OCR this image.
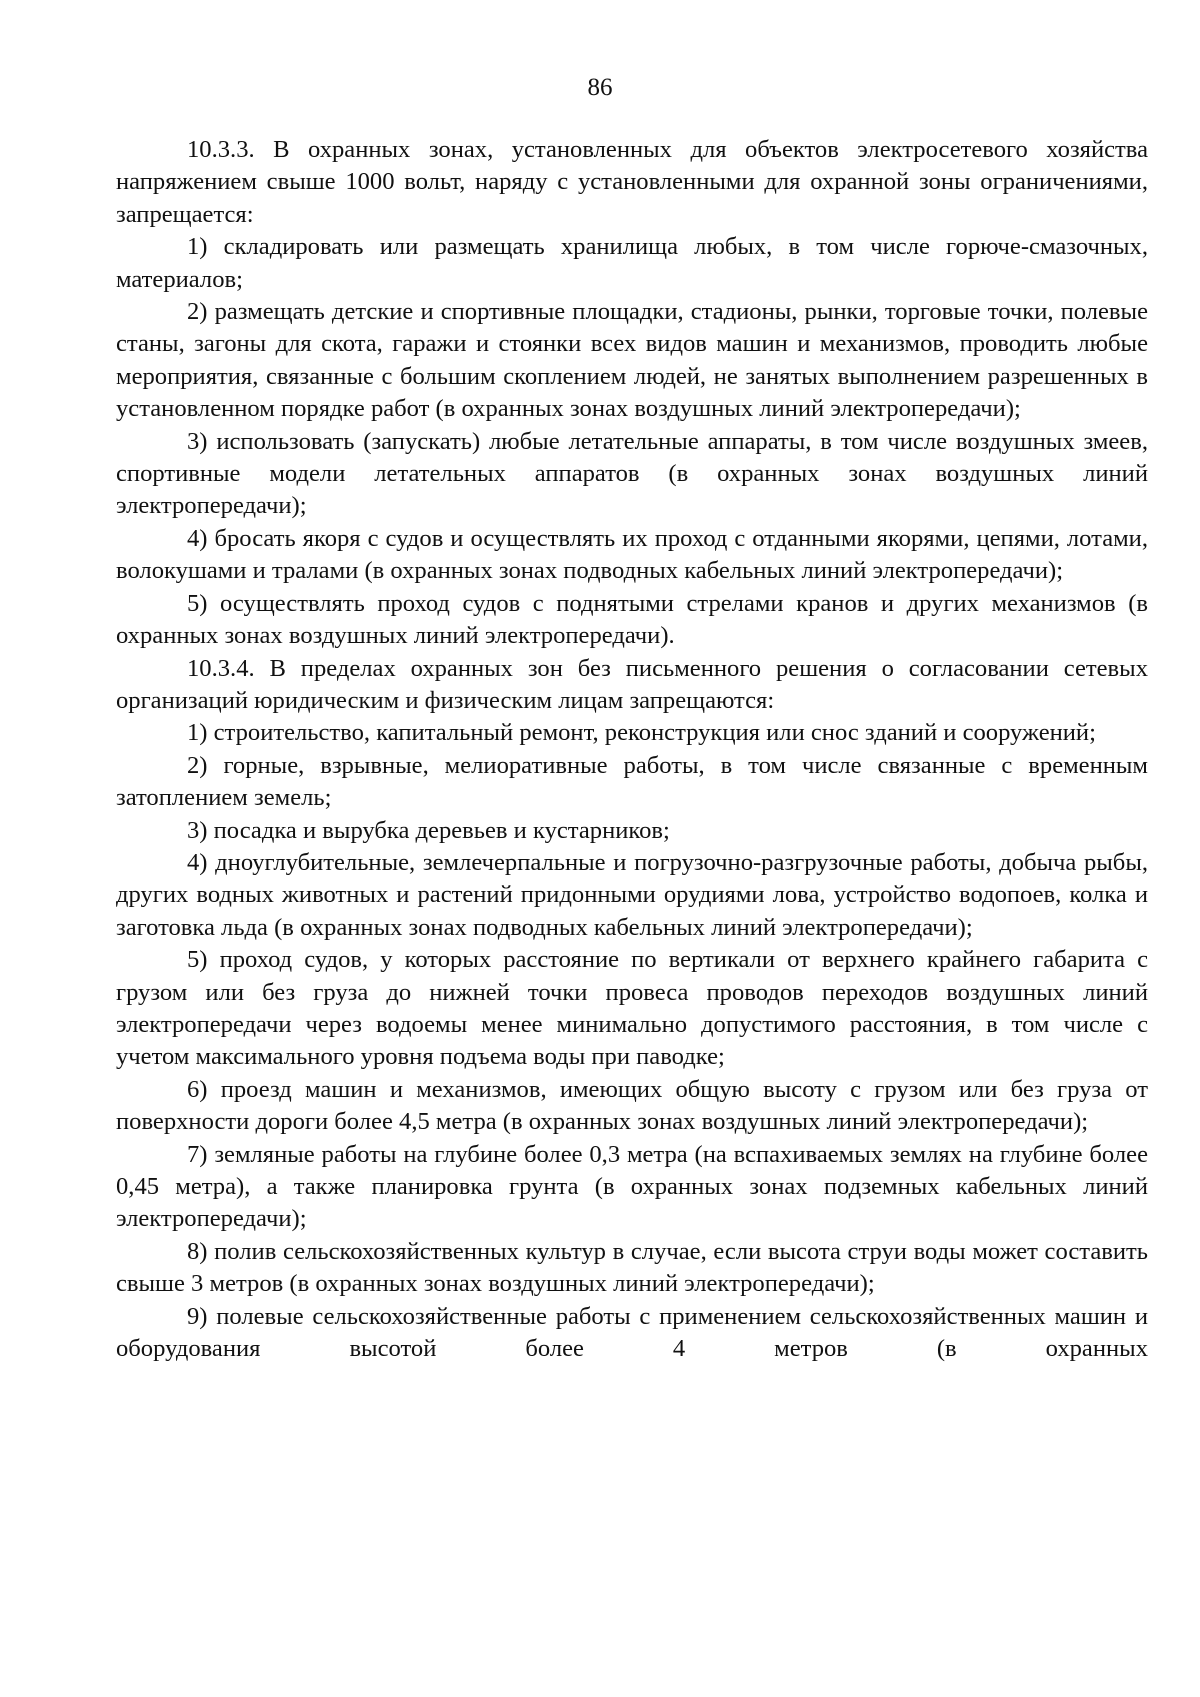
86

10.3.3. В охранных зонах, установленных для объектов электросетевого хозяйства напряжением свыше 1000 вольт, наряду с установленными для охранной зоны ограничениями, запрещается:

1) складировать или размещать хранилища любых, в том числе горюче-смазочных, материалов;

2) размещать детские и спортивные площадки, стадионы, рынки, торговые точки, полевые станы, загоны для скота, гаражи и стоянки всех видов машин и механизмов, проводить любые мероприятия, связанные с большим скоплением людей, не занятых выполнением разрешенных в установленном порядке работ (в охранных зонах воздушных линий электропередачи);

3) использовать (запускать) любые летательные аппараты, в том числе воздушных змеев, спортивные модели летательных аппаратов (в охранных зонах воздушных линий электропередачи);

4) бросать якоря с судов и осуществлять их проход с отданными якорями, цепями, лотами, волокушами и тралами (в охранных зонах подводных кабельных линий электропередачи);

5) осуществлять проход судов с поднятыми стрелами кранов и других механизмов (в охранных зонах воздушных линий электропередачи).

10.3.4. В пределах охранных зон без письменного решения о согласовании сетевых организаций юридическим и физическим лицам запрещаются:

1) строительство, капитальный ремонт, реконструкция или снос зданий и сооружений;

2) горные, взрывные, мелиоративные работы, в том числе связанные с временным затоплением земель;

3) посадка и вырубка деревьев и кустарников;

4) дноуглубительные, землечерпальные и погрузочно-разгрузочные работы, добыча рыбы, других водных животных и растений придонными орудиями лова, устройство водопоев, колка и заготовка льда (в охранных зонах подводных кабельных линий электропередачи);

5) проход судов, у которых расстояние по вертикали от верхнего крайнего габарита с грузом или без груза до нижней точки провеса проводов переходов воздушных линий электропередачи через водоемы менее минимально допустимого расстояния, в том числе с учетом максимального уровня подъема воды при паводке;

6) проезд машин и механизмов, имеющих общую высоту с грузом или без груза от поверхности дороги более 4,5 метра (в охранных зонах воздушных линий электропередачи);

7) земляные работы на глубине более 0,3 метра (на вспахиваемых землях на глубине более 0,45 метра), а также планировка грунта (в охранных зонах подземных кабельных линий электропередачи);

8) полив сельскохозяйственных культур в случае, если высота струи воды может составить свыше 3 метров (в охранных зонах воздушных линий электропередачи);

9) полевые сельскохозяйственные работы с применением сельскохозяйственных машин и оборудования высотой более 4 метров (в охранных
